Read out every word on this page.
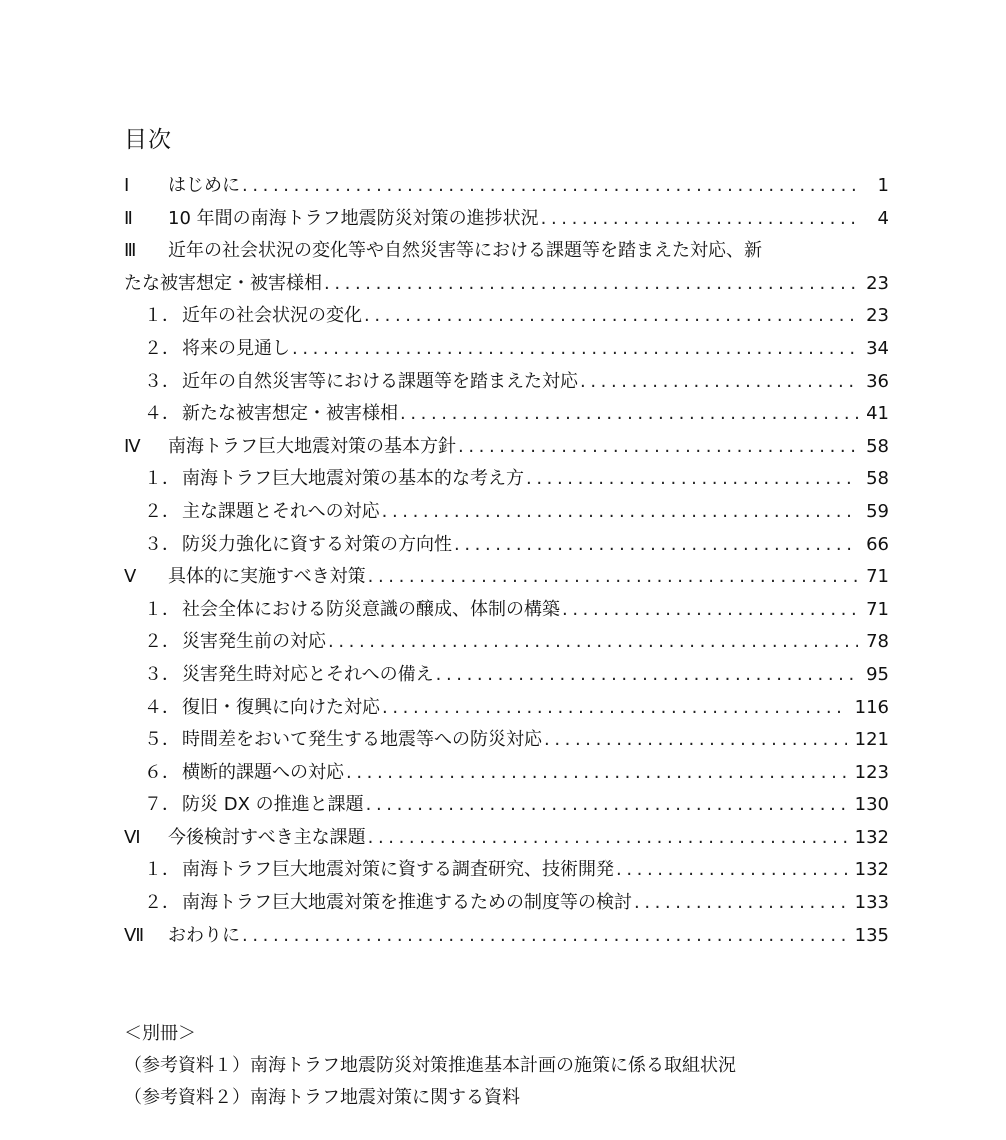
目次
Ⅰ	はじめに .....	1
Ⅱ	10 年間の南海トラフ地震防災対策の進捗状況 .....	4
Ⅲ	近年の社会状況の変化等や自然災害等における課題等を踏まえた対応、新
たな被害想定・被害様相 .....	23
１． 近年の社会状況の変化 .....	23
２． 将来の見通し .....	34
３． 近年の自然災害等における課題等を踏まえた対応 .....	36
４． 新たな被害想定・被害様相 .....	41
Ⅳ	南海トラフ巨大地震対策の基本方針 .....	58
１． 南海トラフ巨大地震対策の基本的な考え方 .....	58
２． 主な課題とそれへの対応 .....	59
３． 防災力強化に資する対策の方向性 .....	66
Ⅴ	具体的に実施すべき対策 .....	71
１． 社会全体における防災意識の醸成、体制の構築 .....	71
２． 災害発生前の対応 .....	78
３． 災害発生時対応とそれへの備え .....	95
４． 復旧・復興に向けた対応 .....	116
５． 時間差をおいて発生する地震等への防災対応 .....	121
６． 横断的課題への対応 .....	123
７． 防災 DX の推進と課題 .....	130
Ⅵ	今後検討すべき主な課題 .....	132
１． 南海トラフ巨大地震対策に資する調査研究、技術開発 .....	132
２． 南海トラフ巨大地震対策を推進するための制度等の検討 .....	133
Ⅶ	おわりに .....	135
＜別冊＞
（参考資料１）南海トラフ地震防災対策推進基本計画の施策に係る取組状況
（参考資料２）南海トラフ地震対策に関する資料
